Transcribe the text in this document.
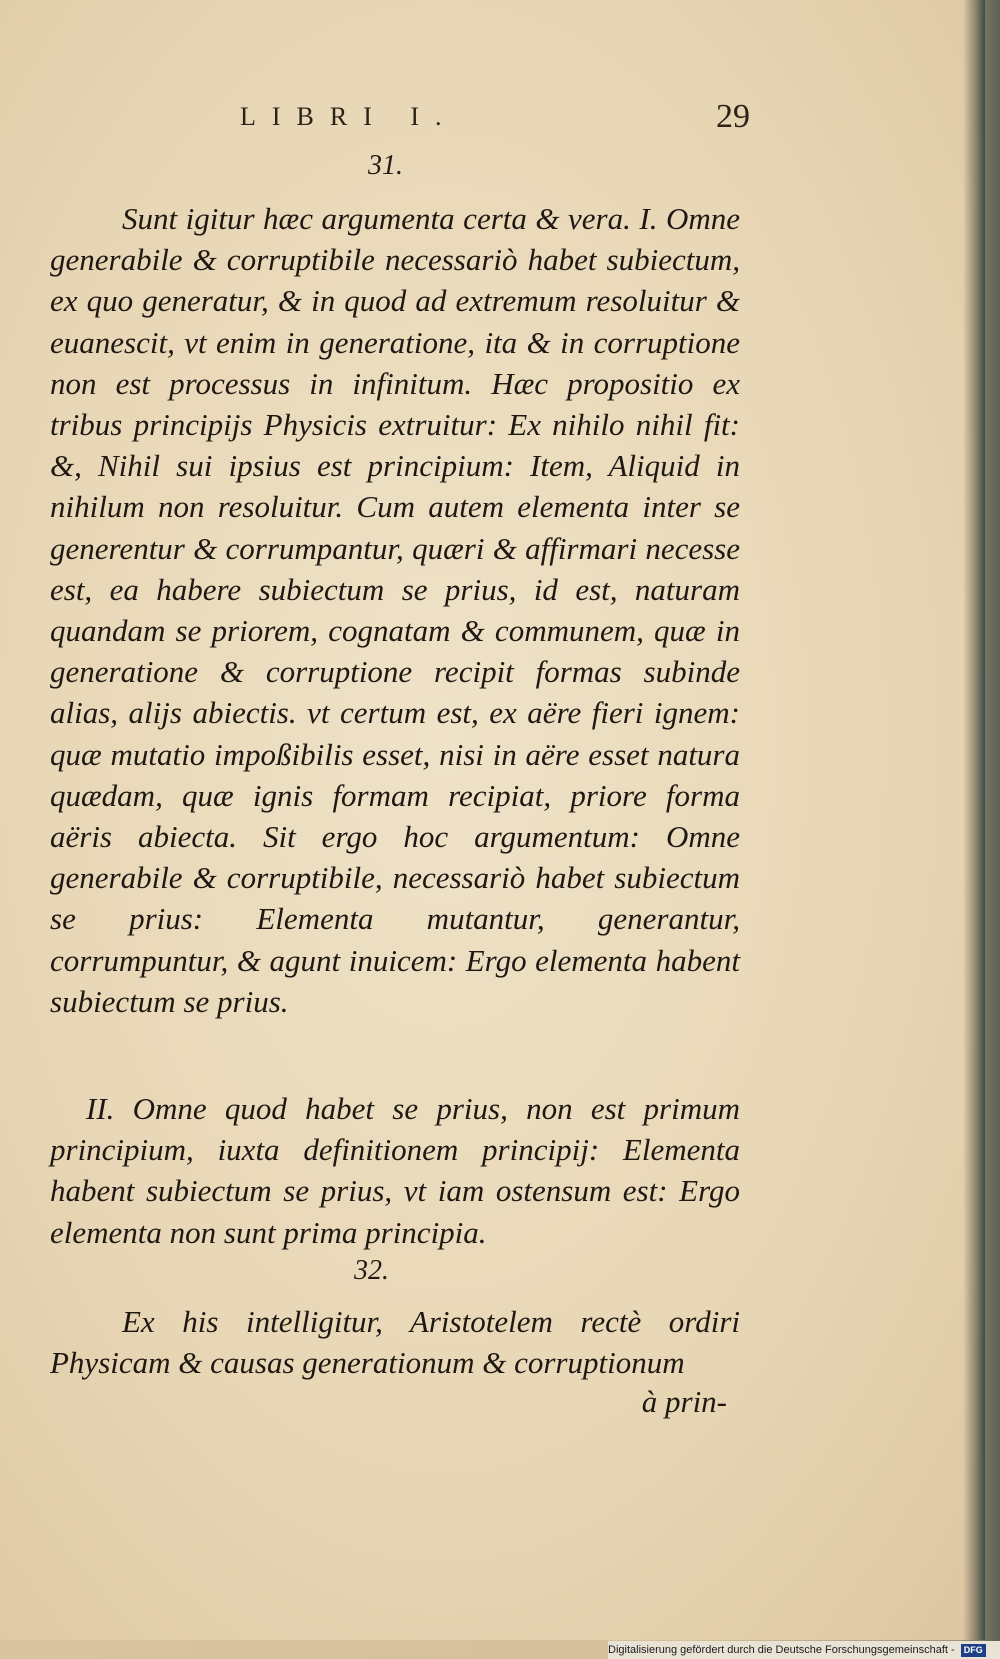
LIBRI I.	29
31.

Sunt igitur hæc argumenta certa & vera. I. Omne generabile & corruptibile necessariò habet subiectum, ex quo generatur, & in quod ad extremum resoluitur & euanescit, vt enim in generatione, ita & in corruptione non est processus in infinitum. Hæc propositio ex tribus principijs Physicis extruitur: Ex nihilo nihil fit: &, Nihil sui ipsius est principium: Item, Aliquid in nihilum non resoluitur. Cum autem elementa inter se generentur & corrumpantur, quæri & affirmari necesse est, ea habere subiectum se prius, id est, naturam quandam se priorem, cognatam & communem, quæ in generatione & corruptione recipit formas subinde alias, alijs abiectis. vt certum est, ex aëre fieri ignem: quæ mutatio impoßibilis esset, nisi in aëre esset natura quædam, quæ ignis formam recipiat, priore forma aëris abiecta. Sit ergo hoc argumentum: Omne generabile & corruptibile, necessariò habet subiectum se prius: Elementa mutantur, generantur, corrumpuntur, & agunt inuicem: Ergo elementa habent subiectum se prius.

II. Omne quod habet se prius, non est primum principium, iuxta definitionem principij: Elementa habent subiectum se prius, vt iam ostensum est: Ergo elementa non sunt prima principia.

32.

Ex his intelligitur, Aristotelem rectè ordiri Physicam & causas generationum & corruptionum

à prin-
Digitalisierung gefördert durch die Deutsche Forschungsgemeinschaft - DFG
